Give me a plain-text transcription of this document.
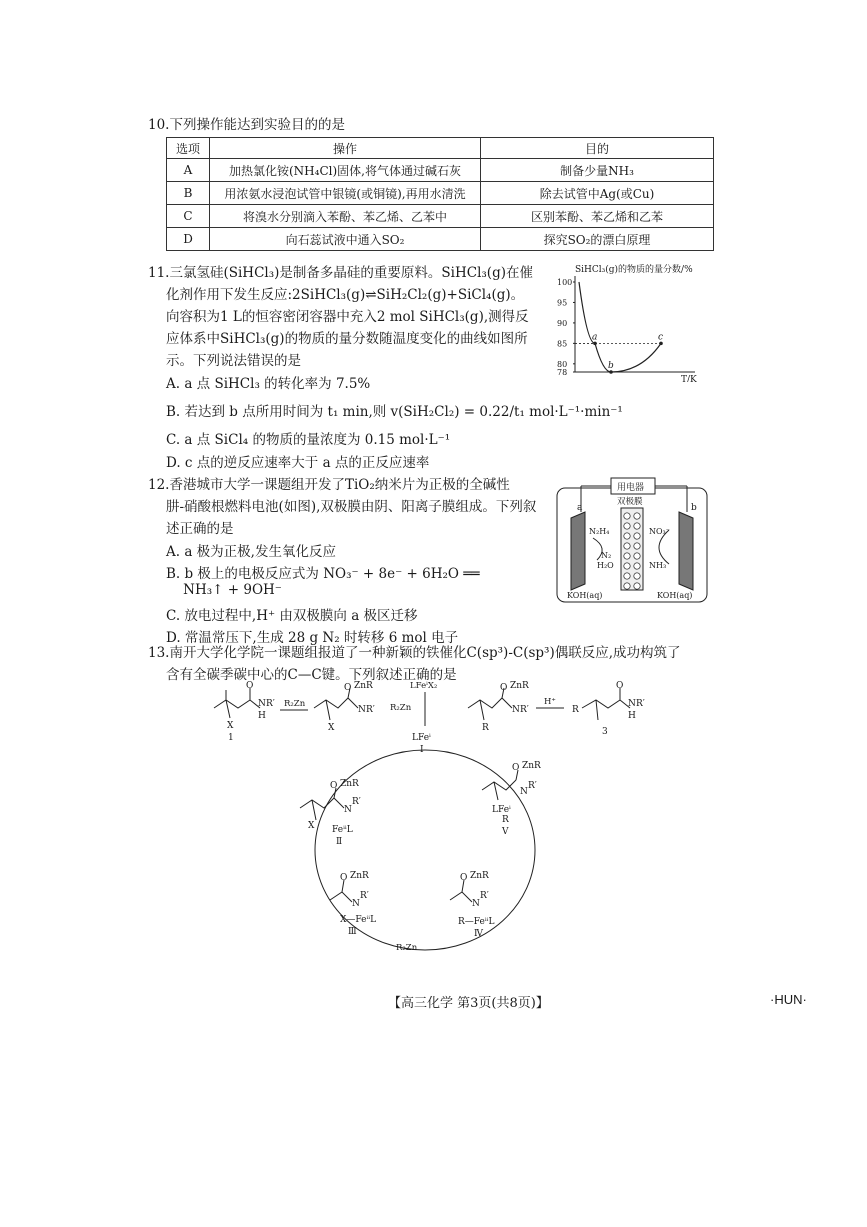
10.下列操作能达到实验目的的是
选项	操作	目的
A	加热氯化铵(NH₄Cl)固体,将气体通过碱石灰	制备少量NH₃
B	用浓氨水浸泡试管中银镜(或铜镜),再用水清洗	除去试管中Ag(或Cu)
C	将溴水分别滴入苯酚、苯乙烯、乙苯中	区别苯酚、苯乙烯和乙苯
D	向石蕊试液中通入SO₂	探究SO₂的漂白原理
11.三氯氢硅(SiHCl₃)是制备多晶硅的重要原料。SiHCl₃(g)在催
化剂作用下发生反应:2SiHCl₃(g)⇌SiH₂Cl₂(g)+SiCl₄(g)。
向容积为1 L的恒容密闭容器中充入2 mol SiHCl₃(g),测得反
应体系中SiHCl₃(g)的物质的量分数随温度变化的曲线如图所
示。下列说法错误的是
A. a 点 SiHCl₃ 的转化率为 7.5%
B. 若达到 b 点所用时间为 t₁ min,则 v(SiH₂Cl₂) = 0.22/t₁ mol·L⁻¹·min⁻¹
C. a 点 SiCl₄ 的物质的量浓度为 0.15 mol·L⁻¹
D. c 点的逆反应速率大于 a 点的正反应速率
SiHCl₃(g)的物质的量分数/%
T/K
78
80
85
90
95
100
a
b
c
12.香港城市大学一课题组开发了TiO₂纳米片为正极的全碱性
肼-硝酸根燃料电池(如图),双极膜由阴、阳离子膜组成。下列叙
述正确的是
A. a 极为正极,发生氧化反应
B. b 极上的电极反应式为 NO₃⁻ + 8e⁻ + 6H₂O ══
NH₃↑ + 9OH⁻
C. 放电过程中,H⁺ 由双极膜向 a 极区迁移
D. 常温常压下,生成 28 g N₂ 时转移 6 mol 电子
用电器
a	b
双极膜
N₂H₄
N₂
H₂O
NO₃⁻
NH₃
KOH(aq)	KOH(aq)
13.南开大学化学院一课题组报道了一种新颖的铁催化C(sp³)-C(sp³)偶联反应,成功构筑了
含有全碳季碳中心的C—C键。下列叙述正确的是
O
N R′
H
X
1
R₂Zn
O ZnR
N R′
X
LFeⁱX₂
R₂Zn
LFeⁱ
Ⅰ
O ZnR
N R′
R
H⁺
R
O
N R′
H
3
O ZnR
N
R′
X FeⁱⁱL
Ⅱ
O ZnR
N
R′
X—FeⁱⁱL
Ⅲ
R₂Zn
O ZnR
N
R′
R—FeⁱⁱL
Ⅳ
O ZnR
N
R′
LFeⁱ
R
Ⅴ
【高三化学 第3页(共8页)】	·HUN·
